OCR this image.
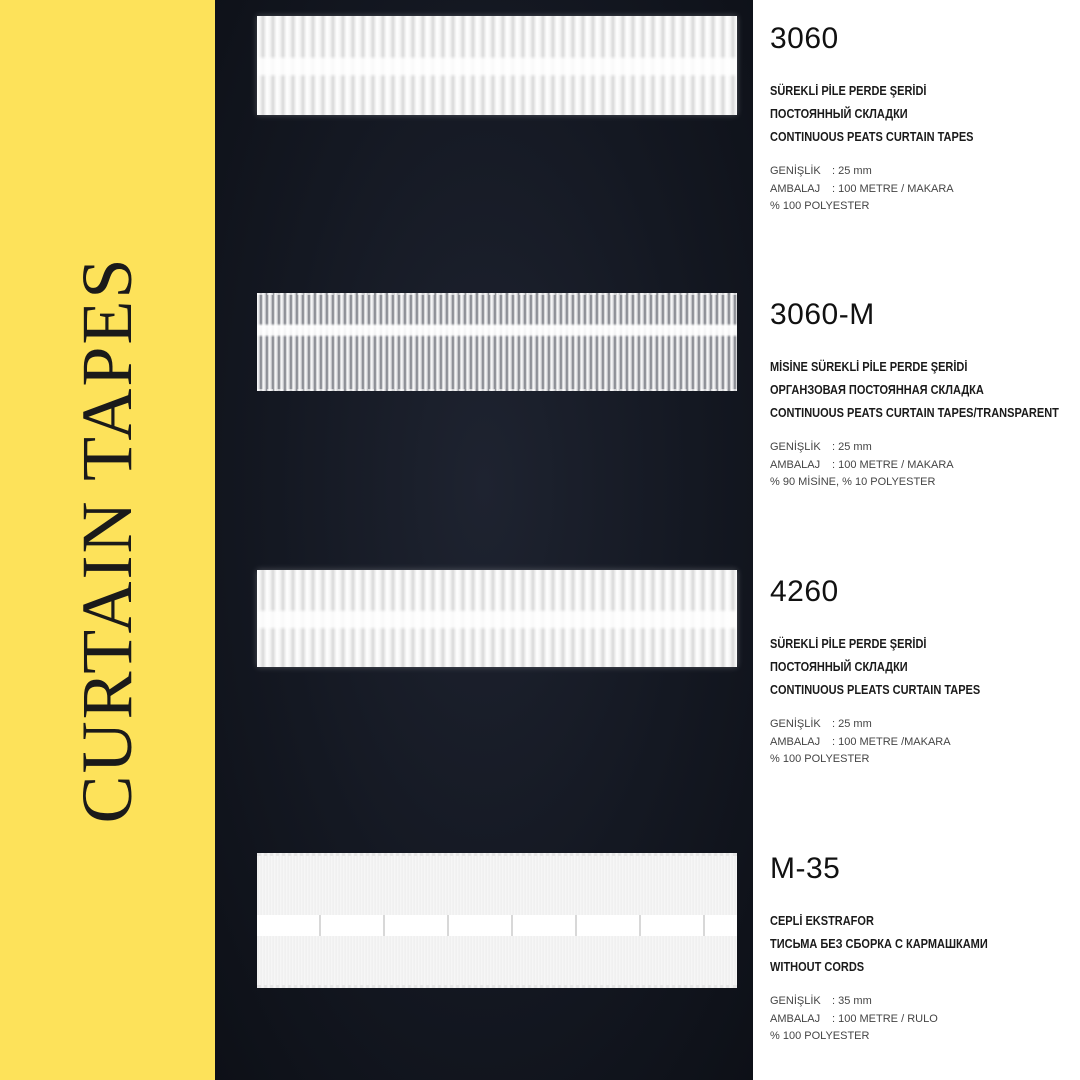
CURTAIN TAPES
3060
SÜREKLİ PİLE PERDE ŞERİDİ
ПОСТОЯННЫЙ СКЛАДКИ
CONTINUOUS PEATS CURTAIN TAPES
GENİŞLİK : 25 mm
AMBALAJ : 100 METRE / MAKARA
% 100 POLYESTER
3060-M
MİSİNE SÜREKLİ PİLE PERDE ŞERİDİ
ОРГАНЗОВАЯ ПОСТОЯННАЯ СКЛАДКА
CONTINUOUS PEATS CURTAIN TAPES/TRANSPARENT
GENİŞLİK : 25 mm
AMBALAJ : 100 METRE / MAKARA
% 90 MİSİNE, % 10 POLYESTER
4260
SÜREKLİ PİLE PERDE ŞERİDİ
ПОСТОЯННЫЙ СКЛАДКИ
CONTINUOUS PLEATS CURTAIN TAPES
GENİŞLİK : 25 mm
AMBALAJ : 100 METRE /MAKARA
% 100 POLYESTER
M-35
CEPLİ EKSTRAFOR
ТИСЬМА БЕЗ СБОРКА С КАРМАШКАМИ
WITHOUT CORDS
GENİŞLİK : 35 mm
AMBALAJ : 100 METRE / RULO
% 100 POLYESTER
